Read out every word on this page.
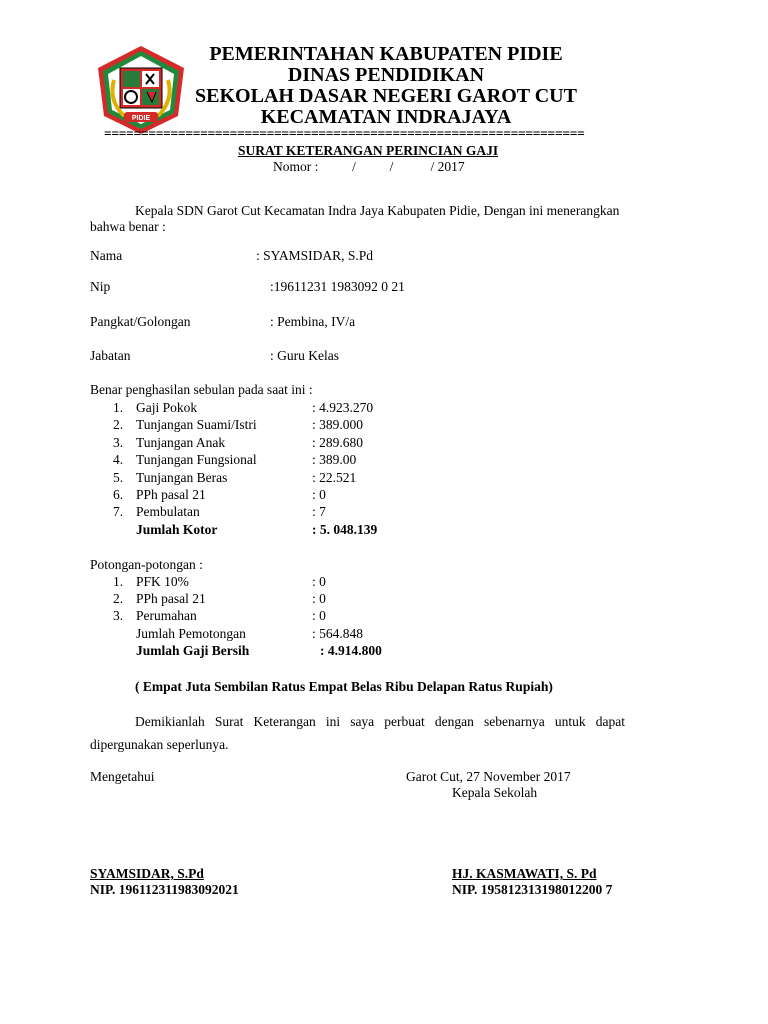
PIDIE
PEMERINTAHAN KABUPATEN PIDIE
DINAS PENDIDIKAN
SEKOLAH DASAR NEGERI GAROT CUT
KECAMATAN INDRAJAYA
=================================================================
SURAT KETERANGAN PERINCIAN GAJI
Nomor :          /          /           / 2017
Kepala SDN Garot Cut Kecamatan Indra Jaya Kabupaten Pidie, Dengan ini menerangkan
bahwa benar :
Nama	: SYAMSIDAR, S.Pd
Nip	:19611231 1983092 0 21
Pangkat/Golongan	: Pembina, IV/a
Jabatan	: Guru Kelas
Benar penghasilan sebulan pada saat ini :
1. Gaji Pokok	: 4.923.270
2. Tunjangan Suami/Istri	: 389.000
3. Tunjangan Anak	: 289.680
4. Tunjangan Fungsional	: 389.00
5. Tunjangan Beras	: 22.521
6. PPh pasal 21	: 0
7. Pembulatan	: 7
Jumlah Kotor	: 5. 048.139
Potongan-potongan :
1. PFK 10%	: 0
2. PPh pasal 21	: 0
3. Perumahan	: 0
Jumlah Pemotongan	: 564.848
Jumlah Gaji Bersih	: 4.914.800
( Empat Juta Sembilan Ratus Empat Belas Ribu Delapan Ratus Rupiah)
Demikianlah   Surat   Keterangan   ini   saya   perbuat   dengan   sebenarnya   untuk   dapat
dipergunakan seperlunya.
Mengetahui	Garot Cut, 27 November 2017
Kepala Sekolah
SYAMSIDAR, S.Pd
NIP. 196112311983092021
HJ. KASMAWATI, S. Pd
NIP. 195812313198012200 7
